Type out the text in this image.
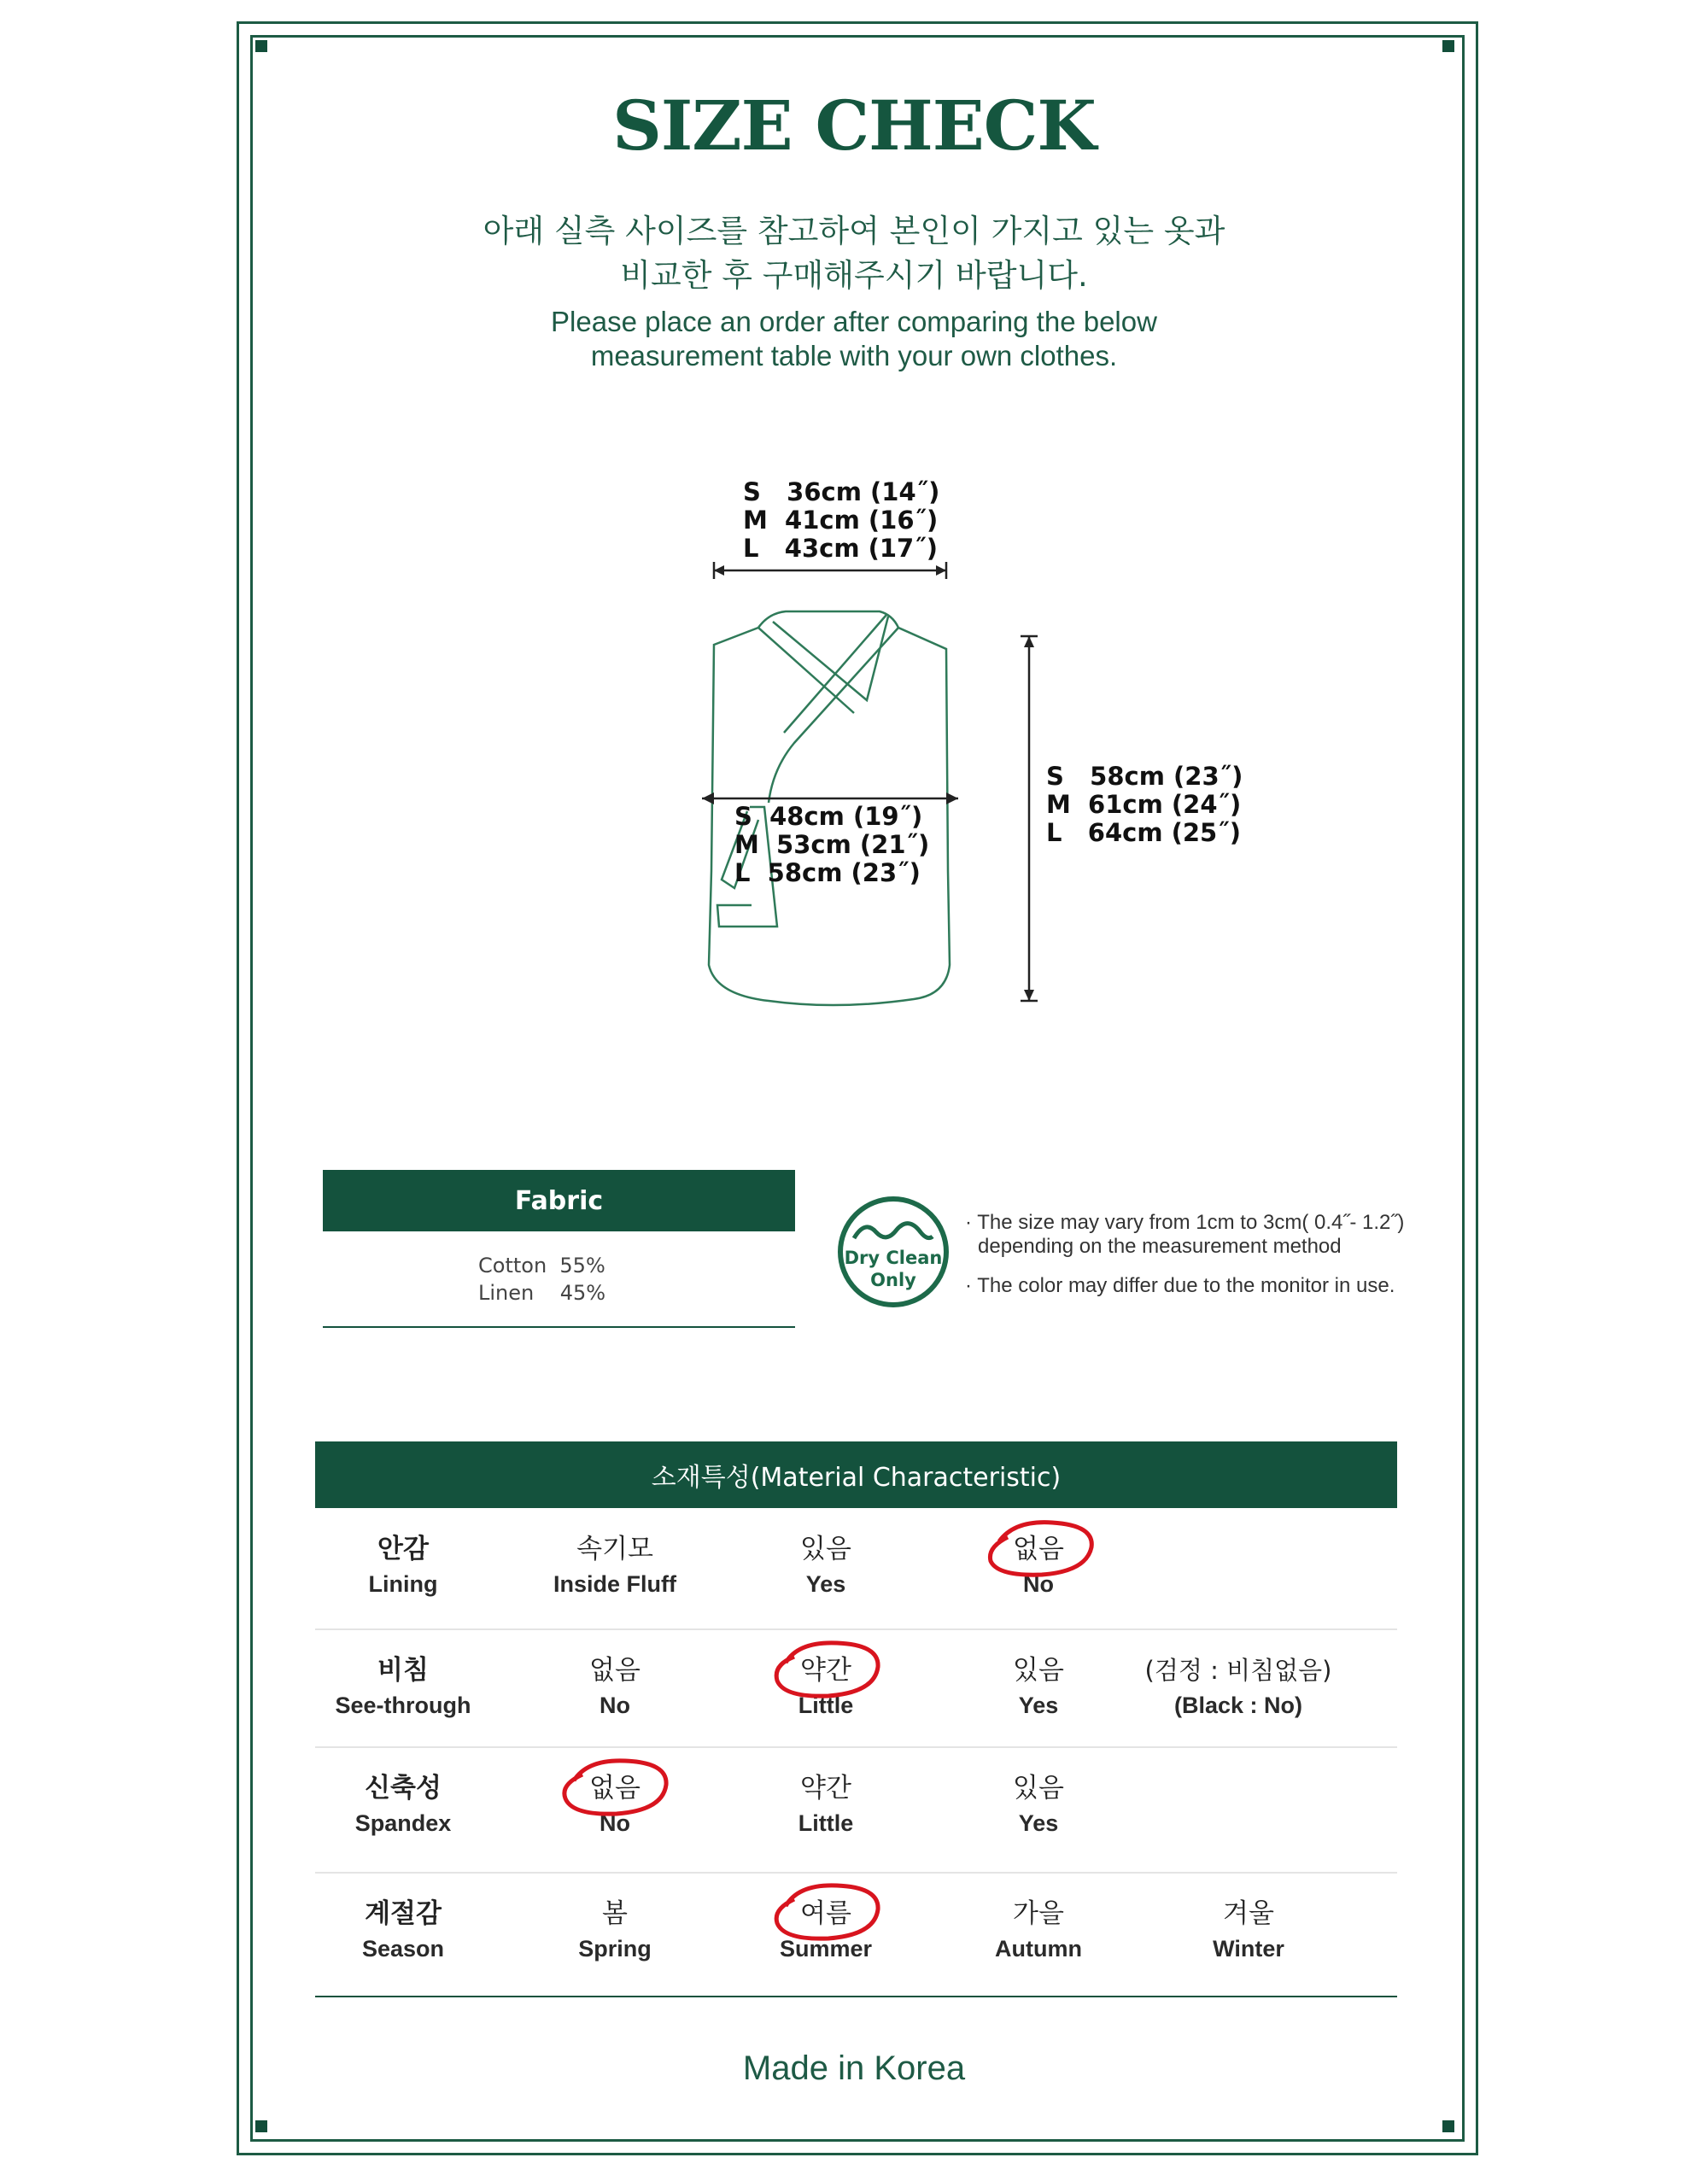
SIZE CHECK
아래 실측 사이즈를 참고하여 본인이 가지고 있는 옷과
비교한 후 구매해주시기 바랍니다.
Please place an order after comparing the below
measurement table with your own clothes.
S   36cm (14˝)
M  41cm (16˝)
L   43cm (17˝)
S  48cm (19˝)
M  53cm (21˝)
L  58cm (23˝)
S   58cm (23˝)
M  61cm (24˝)
L   64cm (25˝)
Fabric
Cotton  55%
Linen    45%
Dry Clean
Only
· The size may vary from 1cm to 3cm( 0.4˝- 1.2˝)
depending on the measurement method
· The color may differ due to the monitor in use.
소재특성(Material Characteristic)
안감
Lining
속기모
Inside Fluff
있음
Yes
없음
No
비침
See-through
없음
No
약간
Little
있음
Yes
(검정 : 비침없음)
(Black : No)
신축성
Spandex
없음
No
약간
Little
있음
Yes
계절감
Season
봄
Spring
여름
Summer
가을
Autumn
겨울
Winter
Made in Korea
